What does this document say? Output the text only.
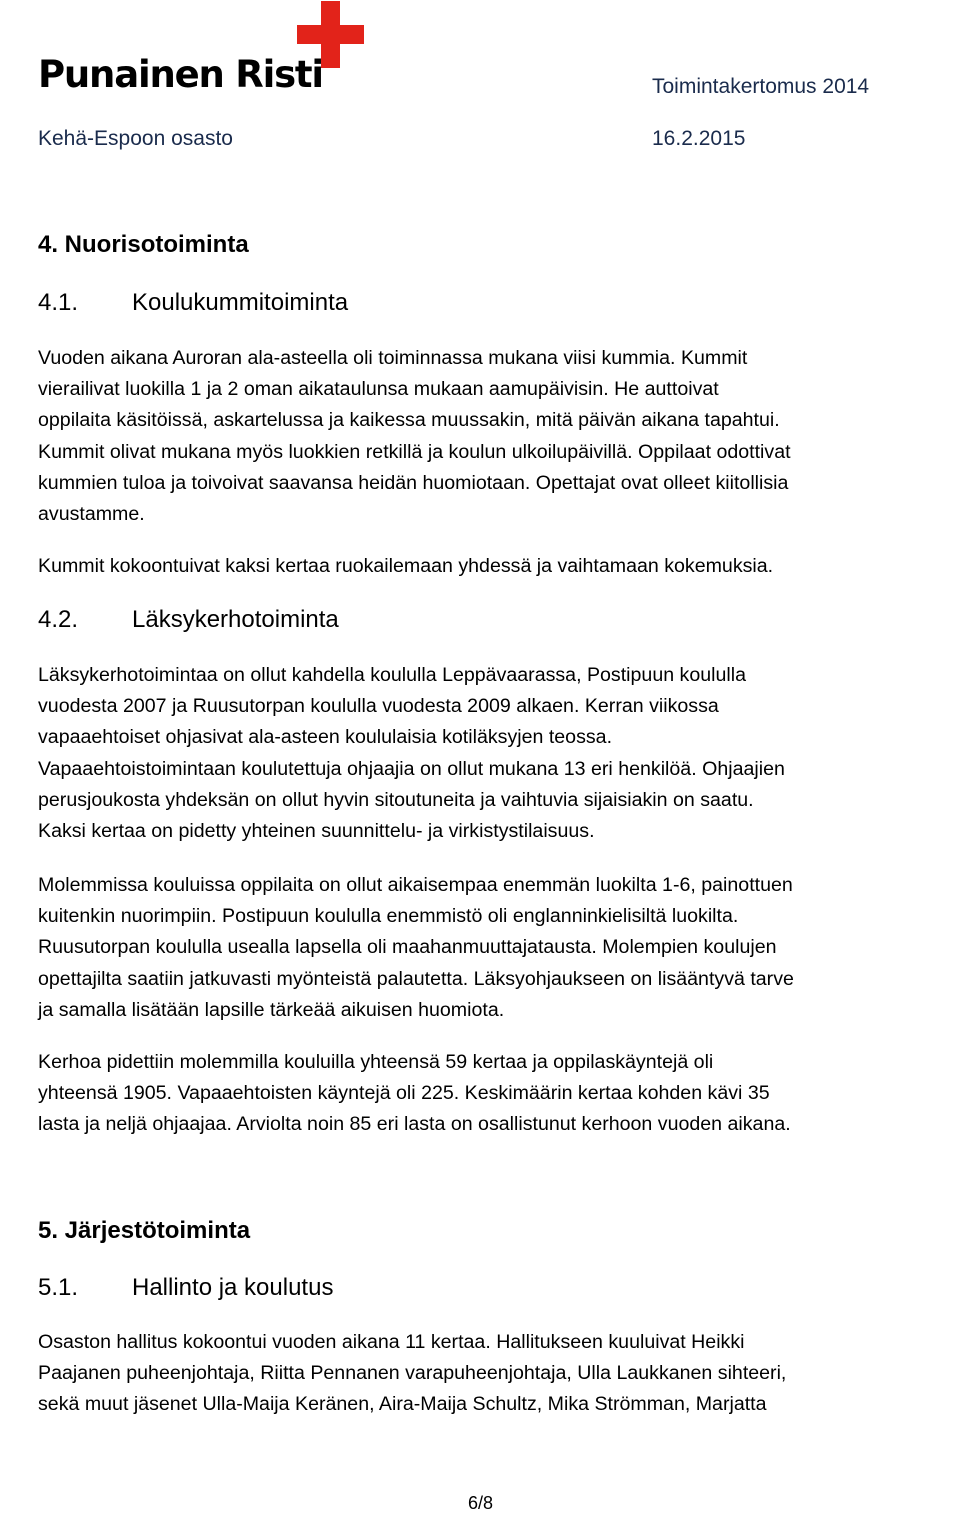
Punainen Risti	Toimintakertomus 2014
Kehä-Espoon osasto	16.2.2015
4. Nuorisotoiminta
4.1. Koulukummitoiminta
Vuoden aikana Auroran ala-asteella oli toiminnassa mukana viisi kummia. Kummit
vierailivat luokilla 1 ja 2 oman aikataulunsa mukaan aamupäivisin. He auttoivat
oppilaita käsitöissä, askartelussa ja kaikessa muussakin, mitä päivän aikana tapahtui.
Kummit olivat mukana myös luokkien retkillä ja koulun ulkoilupäivillä. Oppilaat odottivat
kummien tuloa ja toivoivat saavansa heidän huomiotaan. Opettajat ovat olleet kiitollisia
avustamme.
Kummit kokoontuivat kaksi kertaa ruokailemaan yhdessä ja vaihtamaan kokemuksia.
4.2. Läksykerhotoiminta
Läksykerhotoimintaa on ollut kahdella koululla Leppävaarassa, Postipuun koululla
vuodesta 2007 ja Ruusutorpan koululla vuodesta 2009 alkaen. Kerran viikossa
vapaaehtoiset ohjasivat ala-asteen koululaisia kotiläksyjen teossa.
Vapaaehtoistoimintaan koulutettuja ohjaajia on ollut mukana 13 eri henkilöä. Ohjaajien
perusjoukosta yhdeksän on ollut hyvin sitoutuneita ja vaihtuvia sijaisiakin on saatu.
Kaksi kertaa on pidetty yhteinen suunnittelu- ja virkistystilaisuus.
Molemmissa kouluissa oppilaita on ollut aikaisempaa enemmän luokilta 1-6, painottuen
kuitenkin nuorimpiin. Postipuun koululla enemmistö oli englanninkielisiltä luokilta.
Ruusutorpan koululla usealla lapsella oli maahanmuuttajatausta. Molempien koulujen
opettajilta saatiin jatkuvasti myönteistä palautetta. Läksyohjaukseen on lisääntyvä tarve
ja samalla lisätään lapsille tärkeää aikuisen huomiota.
Kerhoa pidettiin molemmilla kouluilla yhteensä 59 kertaa ja oppilaskäyntejä oli
yhteensä 1905. Vapaaehtoisten käyntejä oli 225. Keskimäärin kertaa kohden kävi 35
lasta ja neljä ohjaajaa. Arviolta noin 85 eri lasta on osallistunut kerhoon vuoden aikana.
5. Järjestötoiminta
5.1. Hallinto ja koulutus
Osaston hallitus kokoontui vuoden aikana 11 kertaa. Hallitukseen kuuluivat Heikki
Paajanen puheenjohtaja, Riitta Pennanen varapuheenjohtaja, Ulla Laukkanen sihteeri,
sekä muut jäsenet Ulla-Maija Keränen, Aira-Maija Schultz, Mika Strömman, Marjatta
6/8
